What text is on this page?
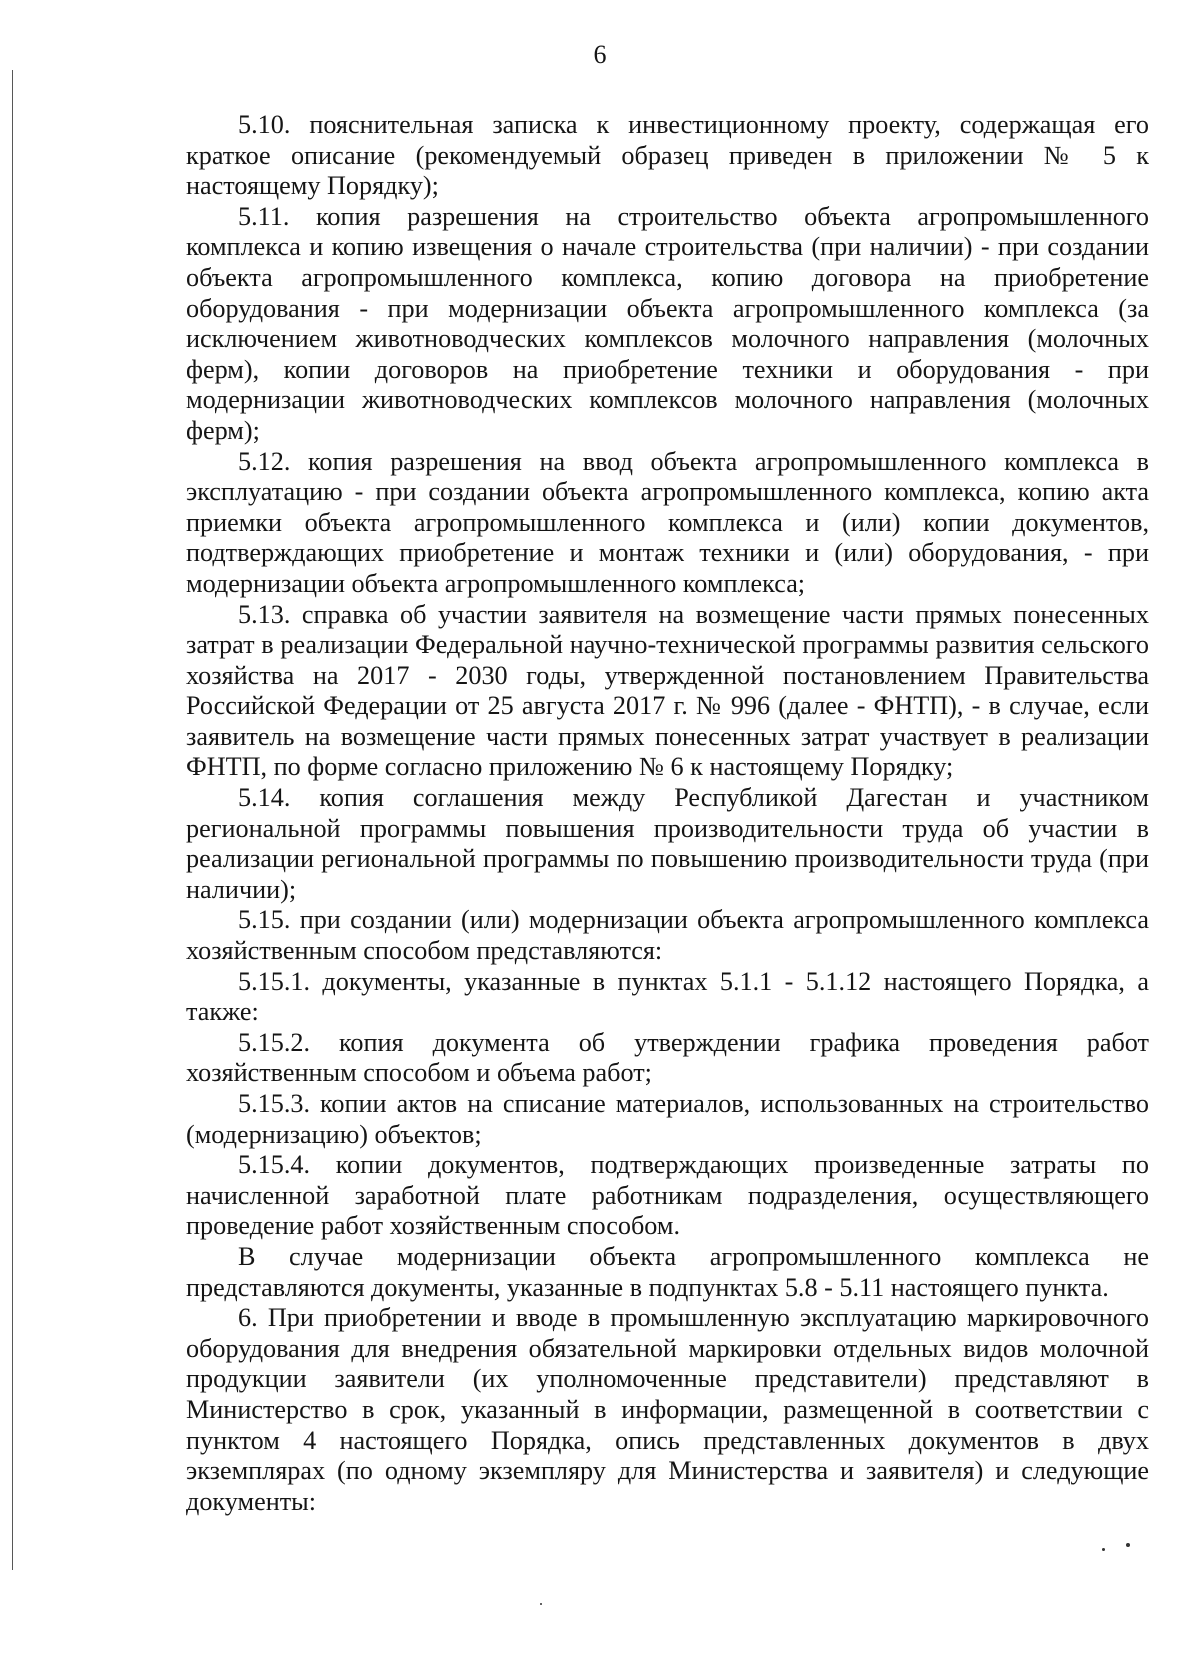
6

5.10. пояснительная записка к инвестиционному проекту, содержащая его краткое описание (рекомендуемый образец приведен в приложении № 5 к настоящему Порядку);

5.11. копия разрешения на строительство объекта агропромышленного комплекса и копию извещения о начале строительства (при наличии) - при создании объекта агропромышленного комплекса, копию договора на приобретение оборудования - при модернизации объекта агропромышленного комплекса (за исключением животноводческих комплексов молочного направления (молочных ферм), копии договоров на приобретение техники и оборудования - при модернизации животноводческих комплексов молочного направления (молочных ферм);

5.12. копия разрешения на ввод объекта агропромышленного комплекса в эксплуатацию - при создании объекта агропромышленного комплекса, копию акта приемки объекта агропромышленного комплекса и (или) копии документов, подтверждающих приобретение и монтаж техники и (или) оборудования, - при модернизации объекта агропромышленного комплекса;

5.13. справка об участии заявителя на возмещение части прямых понесенных затрат в реализации Федеральной научно-технической программы развития сельского хозяйства на 2017 - 2030 годы, утвержденной постановлением Правительства Российской Федерации от 25 августа 2017 г. № 996 (далее - ФНТП), - в случае, если заявитель на возмещение части прямых понесенных затрат участвует в реализации ФНТП, по форме согласно приложению № 6 к настоящему Порядку;

5.14. копия соглашения между Республикой Дагестан и участником региональной программы повышения производительности труда об участии в реализации региональной программы по повышению производительности труда (при наличии);

5.15. при создании (или) модернизации объекта агропромышленного комплекса хозяйственным способом представляются:

5.15.1. документы, указанные в пунктах 5.1.1 - 5.1.12 настоящего Порядка, а также:

5.15.2. копия документа об утверждении графика проведения работ хозяйственным способом и объема работ;

5.15.3. копии актов на списание материалов, использованных на строительство (модернизацию) объектов;

5.15.4. копии документов, подтверждающих произведенные затраты по начисленной заработной плате работникам подразделения, осуществляющего проведение работ хозяйственным способом.

В случае модернизации объекта агропромышленного комплекса не представляются документы, указанные в подпунктах 5.8 - 5.11 настоящего пункта.

6. При приобретении и вводе в промышленную эксплуатацию маркировочного оборудования для внедрения обязательной маркировки отдельных видов молочной продукции заявители (их уполномоченные представители) представляют в Министерство в срок, указанный в информации, размещенной в соответствии с пунктом 4 настоящего Порядка, опись представленных документов в двух экземплярах (по одному экземпляру для Министерства и заявителя) и следующие документы:
